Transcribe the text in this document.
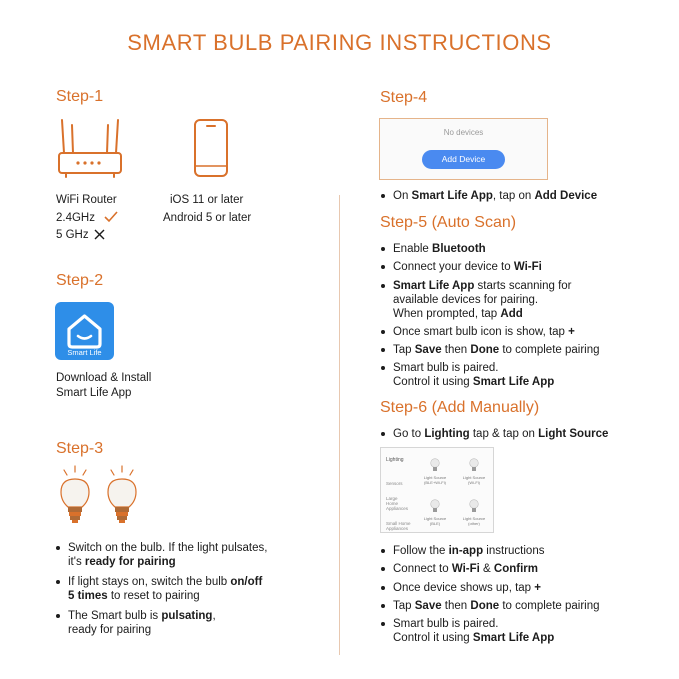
SMART BULB PAIRING INSTRUCTIONS
Step-1
WiFi Router
2.4GHz
5 GHz
iOS 11 or later
Android 5 or later
Step-2
Smart Life
Download & Install
Smart Life App
Step-3
Switch on the bulb. If the light pulsates,
it's ready for pairing
If light stays on, switch the bulb on/off
5 times to reset to pairing
The Smart bulb is pulsating,
ready for pairing
Step-4
No devices
Add Device
On Smart Life App, tap on Add Device
Step-5 (Auto Scan)
Enable Bluetooth
Connect your device to Wi-Fi
Smart Life App starts scanning for
available devices for pairing.
When prompted, tap Add
Once smart bulb icon is show, tap +
Tap Save then Done to complete pairing
Smart bulb is paired.
Control it using Smart Life App
Step-6 (Add Manually)
Go to Lighting tap & tap on Light Source
Lighting
Sensors
Large
Home
Appliances
Small Home
Appliances
Light Source
(BLE+Wi-Fi)
Light Source
(Wi-Fi)
Light Source
(BLE)
Light Source
(other)
Follow the in-app instructions
Connect to Wi-Fi & Confirm
Once device shows up, tap +
Tap Save then Done to complete pairing
Smart bulb is paired.
Control it using Smart Life App
